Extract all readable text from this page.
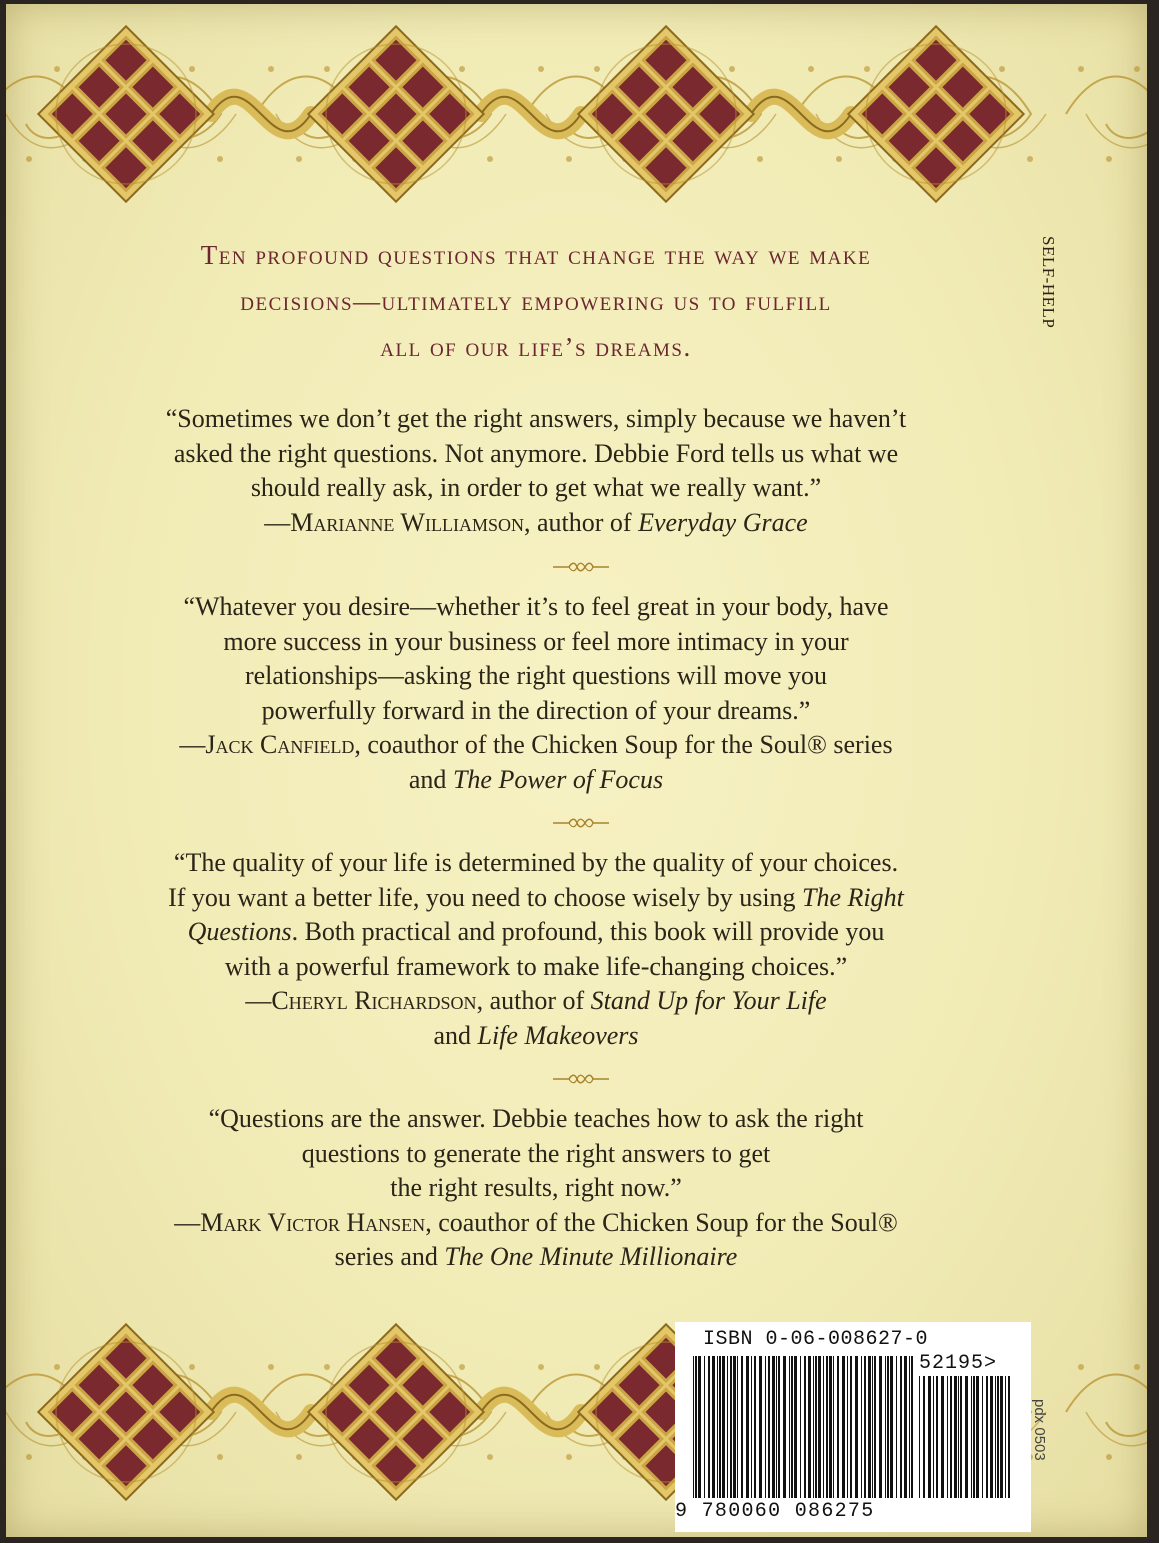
Ten profound questions that change the way we make
decisions—ultimately empowering us to fulfill
all of our life’s dreams.
SELF-HELP
“Sometimes we don’t get the right answers, simply because we haven’t
asked the right questions. Not anymore. Debbie Ford tells us what we
should really ask, in order to get what we really want.”
—Marianne Williamson, author of Everyday Grace
“Whatever you desire—whether it’s to feel great in your body, have
more success in your business or feel more intimacy in your
relationships—asking the right questions will move you
powerfully forward in the direction of your dreams.”
—Jack Canfield, coauthor of the Chicken Soup for the Soul® series
and The Power of Focus
“The quality of your life is determined by the quality of your choices.
If you want a better life, you need to choose wisely by using The Right
Questions. Both practical and profound, this book will provide you
with a powerful framework to make life-changing choices.”
—Cheryl Richardson, author of Stand Up for Your Life
and Life Makeovers
“Questions are the answer. Debbie teaches how to ask the right
questions to generate the right answers to get
the right results, right now.”
—Mark Victor Hansen, coauthor of the Chicken Soup for the Soul®
series and The One Minute Millionaire
ISBN 0-06-008627-0
52195>
9 780060 086275
pdx 0503
